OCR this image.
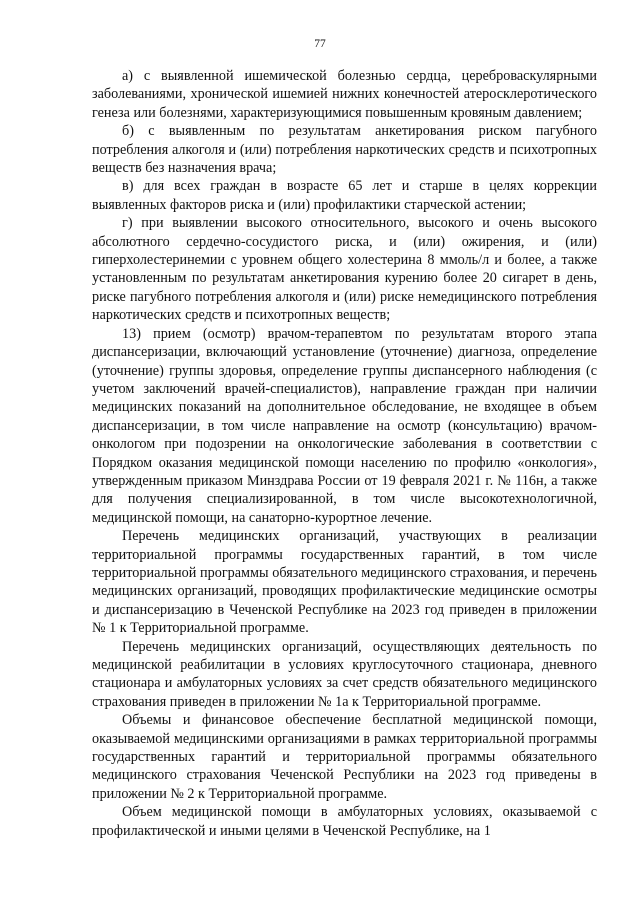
77

а) с выявленной ишемической болезнью сердца, цереброваскулярными заболеваниями, хронической ишемией нижних конечностей атеросклеротического генеза или болезнями, характеризующимися повышенным кровяным давлением;

б) с выявленным по результатам анкетирования риском пагубного потребления алкоголя и (или) потребления наркотических средств и психотропных веществ без назначения врача;

в) для всех граждан в возрасте 65 лет и старше в целях коррекции выявленных факторов риска и (или) профилактики старческой астении;

г) при выявлении высокого относительного, высокого и очень высокого абсолютного сердечно-сосудистого риска, и (или) ожирения, и (или) гиперхолестеринемии с уровнем общего холестерина 8 ммоль/л и более, а также установленным по результатам анкетирования курению более 20 сигарет в день, риске пагубного потребления алкоголя и (или) риске немедицинского потребления наркотических средств и психотропных веществ;

13) прием (осмотр) врачом-терапевтом по результатам второго этапа диспансеризации, включающий установление (уточнение) диагноза, определение (уточнение) группы здоровья, определение группы диспансерного наблюдения (с учетом заключений врачей-специалистов), направление граждан при наличии медицинских показаний на дополнительное обследование, не входящее в объем диспансеризации, в том числе направление на осмотр (консультацию) врачом-онкологом при подозрении на онкологические заболевания в соответствии с Порядком оказания медицинской помощи населению по профилю «онкология», утвержденным приказом Минздрава России от 19 февраля 2021 г. № 116н, а также для получения специализированной, в том числе высокотехнологичной, медицинской помощи, на санаторно-курортное лечение.

Перечень медицинских организаций, участвующих в реализации территориальной программы государственных гарантий, в том числе территориальной программы обязательного медицинского страхования, и перечень медицинских организаций, проводящих профилактические медицинские осмотры и диспансеризацию в Чеченской Республике на 2023 год приведен в приложении № 1 к Территориальной программе.

Перечень медицинских организаций, осуществляющих деятельность по медицинской реабилитации в условиях круглосуточного стационара, дневного стационара и амбулаторных условиях за счет средств обязательного медицинского страхования приведен в приложении № 1а к Территориальной программе.

Объемы и финансовое обеспечение бесплатной медицинской помощи, оказываемой медицинскими организациями в рамках территориальной программы государственных гарантий и территориальной программы обязательного медицинского страхования Чеченской Республики на 2023 год приведены в приложении № 2 к Территориальной программе.

Объем медицинской помощи в амбулаторных условиях, оказываемой с профилактической и иными целями в Чеченской Республике, на 1
